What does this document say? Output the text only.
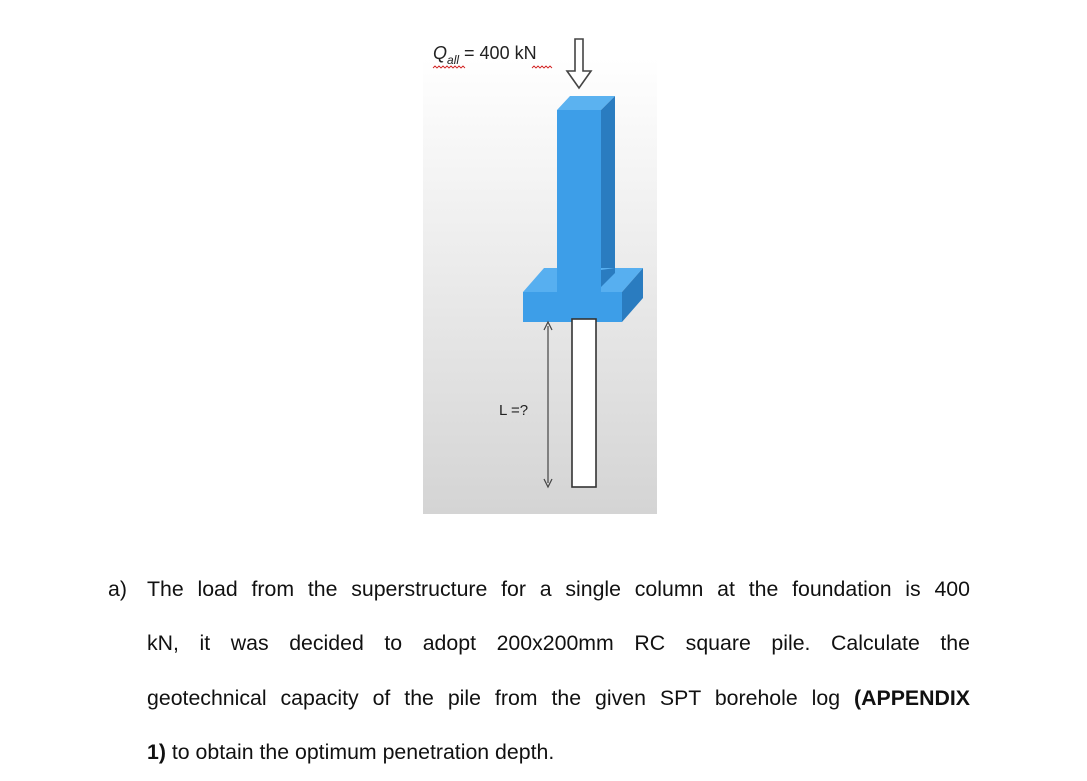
$Q_{all} = 400$ kN
L =?
a) The load from the superstructure for a single column at the foundation is 400
kN, it was decided to adopt 200x200mm RC square pile. Calculate the
geotechnical capacity of the pile from the given SPT borehole log (APPENDIX
1) to obtain the optimum penetration depth.
